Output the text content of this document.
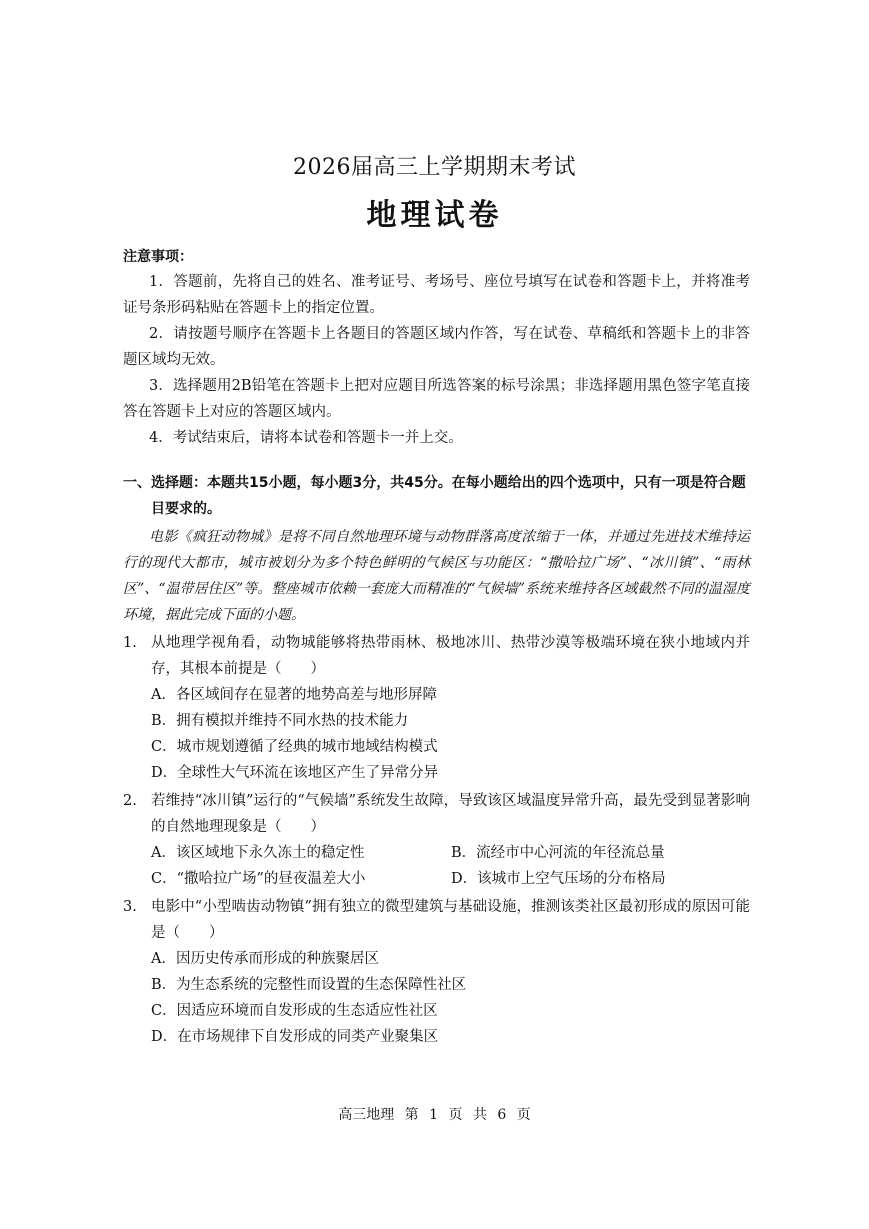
2026届高三上学期期末考试
地理试卷
注意事项：
1．答题前，先将自己的姓名、准考证号、考场号、座位号填写在试卷和答题卡上，并将准考证号条形码粘贴在答题卡上的指定位置。
2．请按题号顺序在答题卡上各题目的答题区域内作答，写在试卷、草稿纸和答题卡上的非答题区域均无效。
3．选择题用2B铅笔在答题卡上把对应题目所选答案的标号涂黑；非选择题用黑色签字笔直接答在答题卡上对应的答题区域内。
4．考试结束后，请将本试卷和答题卡一并上交。
一、选择题：本题共15小题，每小题3分，共45分。在每小题给出的四个选项中，只有一项是符合题目要求的。
电影《疯狂动物城》是将不同自然地理环境与动物群落高度浓缩于一体，并通过先进技术维持运行的现代大都市，城市被划分为多个特色鲜明的气候区与功能区：“撒哈拉广场”、“冰川镇”、“雨林区”、“温带居住区”等。整座城市依赖一套庞大而精准的“气候墙”系统来维持各区域截然不同的温湿度环境，据此完成下面的小题。
1. 从地理学视角看，动物城能够将热带雨林、极地冰川、热带沙漠等极端环境在狭小地域内并存，其根本前提是（　　）
A．各区域间存在显著的地势高差与地形屏障
B．拥有模拟并维持不同水热的技术能力
C．城市规划遵循了经典的城市地域结构模式
D．全球性大气环流在该地区产生了异常分异
2. 若维持“冰川镇”运行的“气候墙”系统发生故障，导致该区域温度异常升高，最先受到显著影响的自然地理现象是（　　）
A．该区域地下永久冻土的稳定性	B．流经市中心河流的年径流总量
C．“撒哈拉广场”的昼夜温差大小	D．该城市上空气压场的分布格局
3. 电影中“小型啮齿动物镇”拥有独立的微型建筑与基础设施，推测该类社区最初形成的原因可能是（　　）
A．因历史传承而形成的种族聚居区
B．为生态系统的完整性而设置的生态保障性社区
C．因适应环境而自发形成的生态适应性社区
D．在市场规律下自发形成的同类产业聚集区
高三地理 第 1 页 共 6 页
